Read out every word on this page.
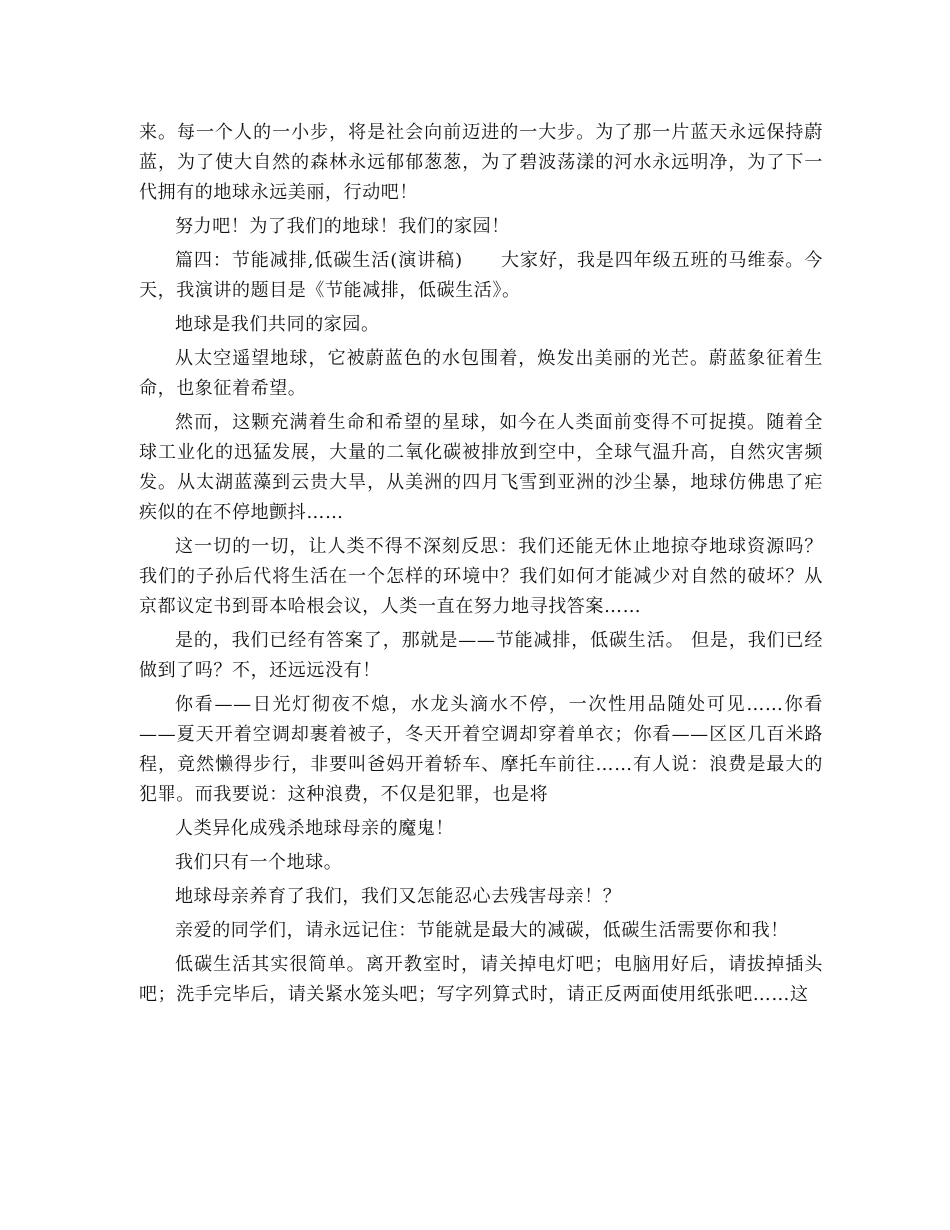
来。每一个人的一小步，将是社会向前迈进的一大步。为了那一片蓝天永远保持蔚蓝，为了使大自然的森林永远郁郁葱葱，为了碧波荡漾的河水永远明净，为了下一代拥有的地球永远美丽，行动吧！

努力吧！为了我们的地球！我们的家园！

篇四：节能减排,低碳生活(演讲稿)　　大家好，我是四年级五班的马维泰。今天，我演讲的题目是《节能减排，低碳生活》。

地球是我们共同的家园。

从太空遥望地球，它被蔚蓝色的水包围着，焕发出美丽的光芒。蔚蓝象征着生命，也象征着希望。

然而，这颗充满着生命和希望的星球，如今在人类面前变得不可捉摸。随着全球工业化的迅猛发展，大量的二氧化碳被排放到空中，全球气温升高，自然灾害频发。从太湖蓝藻到云贵大旱，从美洲的四月飞雪到亚洲的沙尘暴，地球仿佛患了疟疾似的在不停地颤抖……

这一切的一切，让人类不得不深刻反思：我们还能无休止地掠夺地球资源吗？我们的子孙后代将生活在一个怎样的环境中？我们如何才能减少对自然的破坏？从京都议定书到哥本哈根会议，人类一直在努力地寻找答案……

是的，我们已经有答案了，那就是——节能减排，低碳生活。 但是，我们已经做到了吗？不，还远远没有！

你看——日光灯彻夜不熄，水龙头滴水不停，一次性用品随处可见……你看——夏天开着空调却裹着被子，冬天开着空调却穿着单衣；你看——区区几百米路程，竟然懒得步行，非要叫爸妈开着轿车、摩托车前往……有人说：浪费是最大的犯罪。而我要说：这种浪费，不仅是犯罪，也是将

人类异化成残杀地球母亲的魔鬼！

我们只有一个地球。

地球母亲养育了我们，我们又怎能忍心去残害母亲！？

亲爱的同学们，请永远记住：节能就是最大的减碳，低碳生活需要你和我！

低碳生活其实很简单。离开教室时，请关掉电灯吧；电脑用好后，请拔掉插头吧；洗手完毕后，请关紧水笼头吧；写字列算式时，请正反两面使用纸张吧……这
